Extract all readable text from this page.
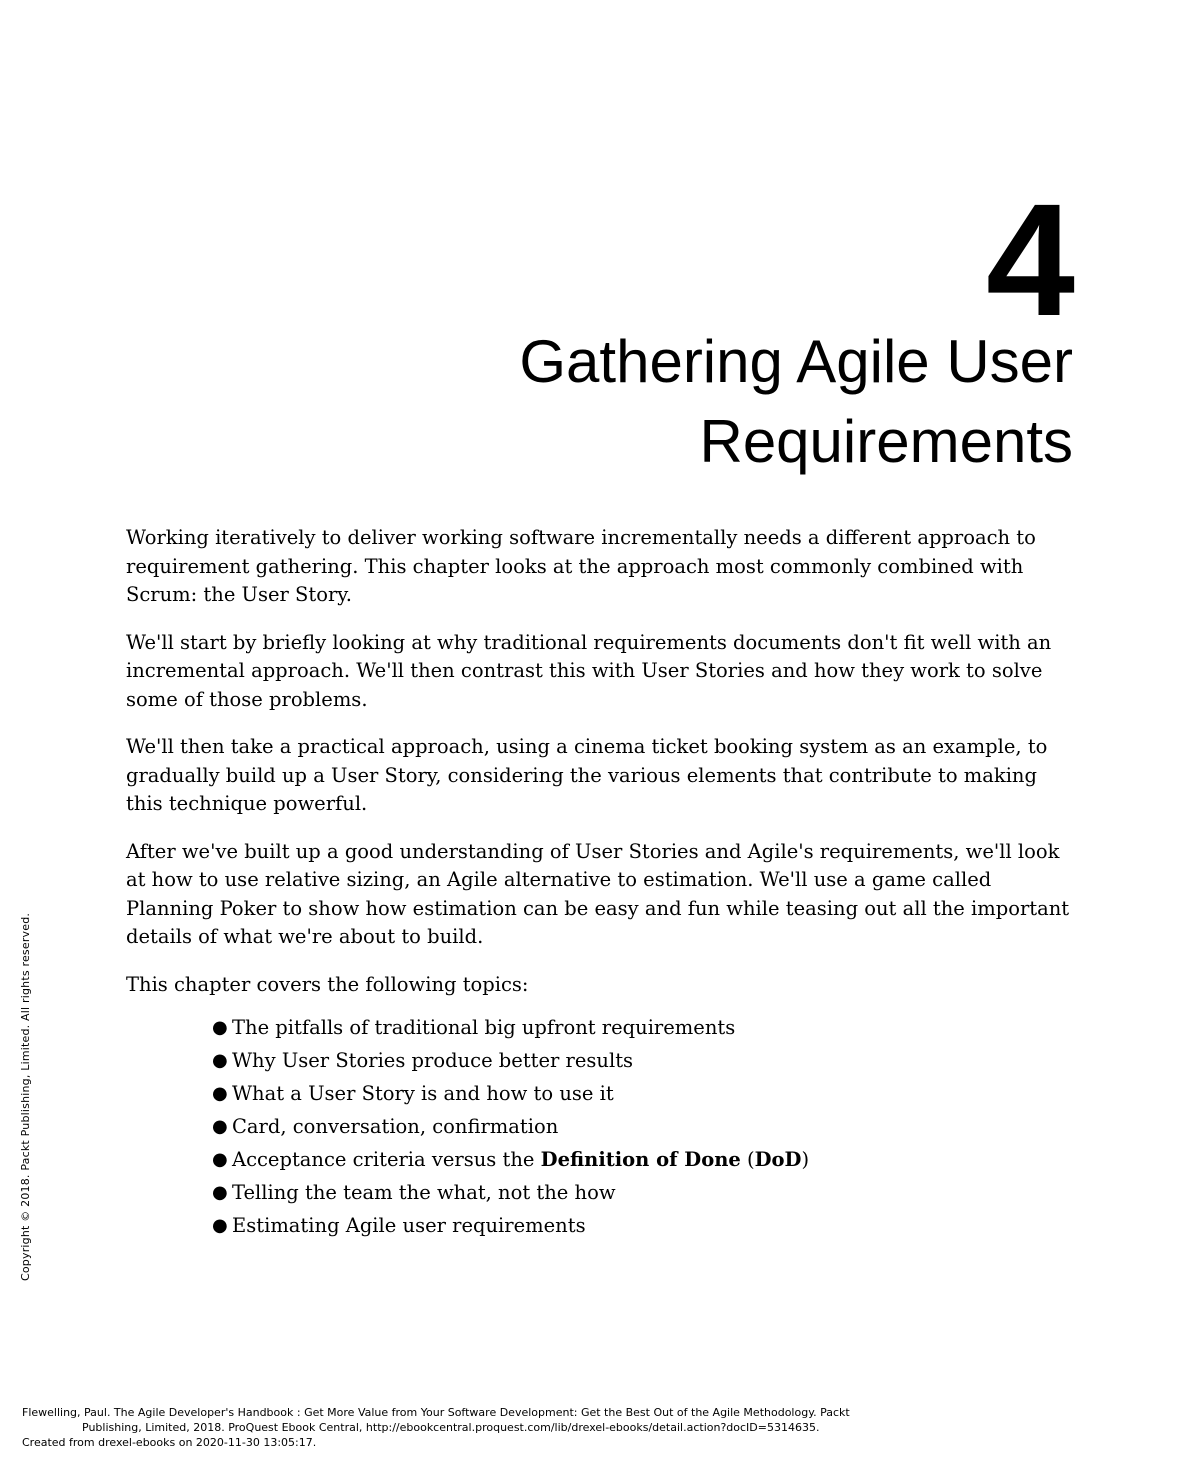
4
Gathering Agile User
Requirements

Working iteratively to deliver working software incrementally needs a different approach to requirement gathering. This chapter looks at the approach most commonly combined with Scrum: the User Story.

We'll start by briefly looking at why traditional requirements documents don't fit well with an incremental approach. We'll then contrast this with User Stories and how they work to solve some of those problems.

We'll then take a practical approach, using a cinema ticket booking system as an example, to gradually build up a User Story, considering the various elements that contribute to making this technique powerful.

After we've built up a good understanding of User Stories and Agile's requirements, we'll look at how to use relative sizing, an Agile alternative to estimation. We'll use a game called Planning Poker to show how estimation can be easy and fun while teasing out all the important details of what we're about to build.

This chapter covers the following topics:

● The pitfalls of traditional big upfront requirements
● Why User Stories produce better results
● What a User Story is and how to use it
● Card, conversation, confirmation
● Acceptance criteria versus the Definition of Done (DoD)
● Telling the team the what, not the how
● Estimating Agile user requirements
Copyright © 2018. Packt Publishing, Limited. All rights reserved.
Flewelling, Paul. The Agile Developer's Handbook : Get More Value from Your Software Development: Get the Best Out of the Agile Methodology. Packt
Publishing, Limited, 2018. ProQuest Ebook Central, http://ebookcentral.proquest.com/lib/drexel-ebooks/detail.action?docID=5314635.
Created from drexel-ebooks on 2020-11-30 13:05:17.
